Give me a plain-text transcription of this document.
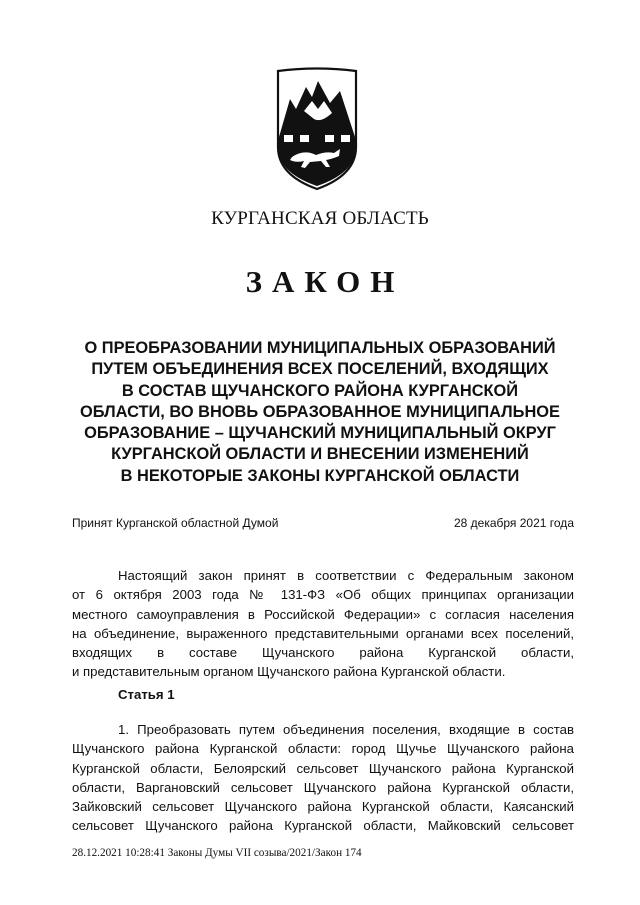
КУРГАНСКАЯ ОБЛАСТЬ
ЗАКОН
О ПРЕОБРАЗОВАНИИ МУНИЦИПАЛЬНЫХ ОБРАЗОВАНИЙ
ПУТЕМ ОБЪЕДИНЕНИЯ ВСЕХ ПОСЕЛЕНИЙ, ВХОДЯЩИХ
В СОСТАВ ЩУЧАНСКОГО РАЙОНА КУРГАНСКОЙ
ОБЛАСТИ, ВО ВНОВЬ ОБРАЗОВАННОЕ МУНИЦИПАЛЬНОЕ
ОБРАЗОВАНИЕ – ЩУЧАНСКИЙ МУНИЦИПАЛЬНЫЙ ОКРУГ
КУРГАНСКОЙ ОБЛАСТИ И ВНЕСЕНИИ ИЗМЕНЕНИЙ
В НЕКОТОРЫЕ ЗАКОНЫ КУРГАНСКОЙ ОБЛАСТИ
Принят Курганской областной Думой	28 декабря 2021 года
Настоящий закон принят в соответствии с Федеральным законом
от 6 октября 2003 года № 131-ФЗ «Об общих принципах организации
местного самоуправления в Российской Федерации» с согласия населения
на объединение, выраженного представительными органами всех поселений,
входящих в составе Щучанского района Курганской области,
и представительным органом Щучанского района Курганской области.
Статья 1
1. Преобразовать путем объединения поселения, входящие в состав
Щучанского района Курганской области: город Щучье Щучанского района
Курганской области, Белоярский сельсовет Щучанского района Курганской
области, Варгановский сельсовет Щучанского района Курганской области,
Зайковский сельсовет Щучанского района Курганской области, Каясанский
сельсовет Щучанского района Курганской области, Майковский сельсовет
28.12.2021 10:28:41 Законы Думы VII созыва/2021/Закон 174
